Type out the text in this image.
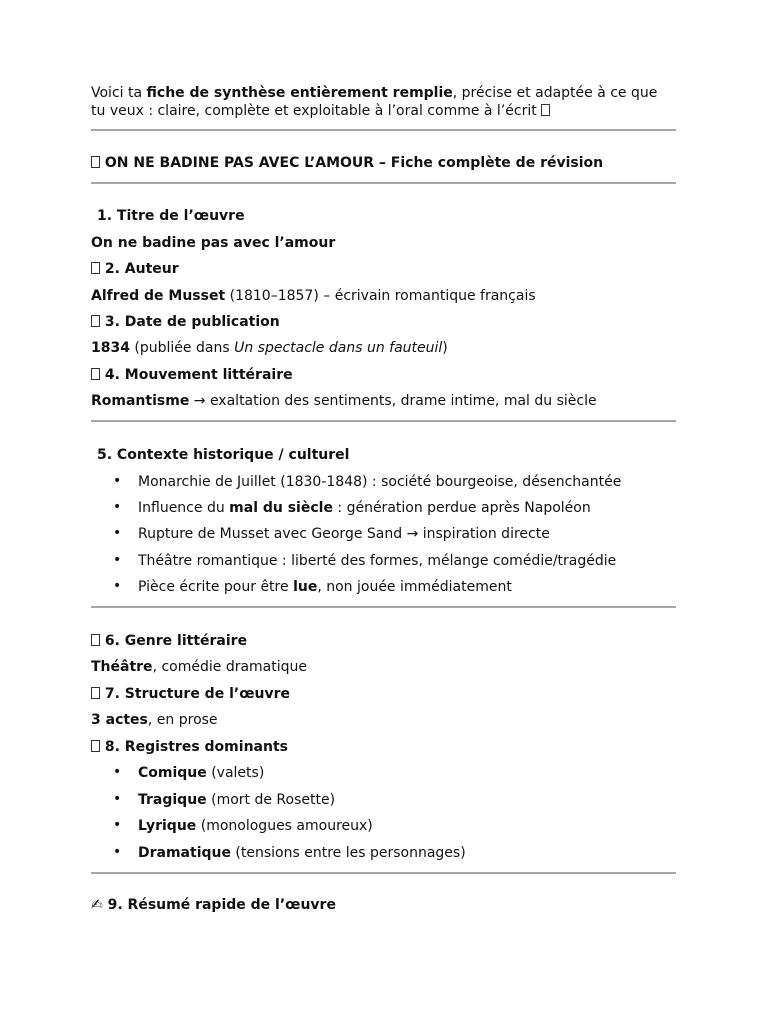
Voici ta fiche de synthèse entièrement remplie, précise et adaptée à ce que
tu veux : claire, complète et exploitable à l’oral comme à l’écrit
ON NE BADINE PAS AVEC L’AMOUR – Fiche complète de révision
1. Titre de l’œuvre
On ne badine pas avec l’amour
2. Auteur
Alfred de Musset (1810–1857) – écrivain romantique français
3. Date de publication
1834 (publiée dans Un spectacle dans un fauteuil)
4. Mouvement littéraire
Romantisme → exaltation des sentiments, drame intime, mal du siècle
5. Contexte historique / culturel
• Monarchie de Juillet (1830-1848) : société bourgeoise, désenchantée
• Influence du mal du siècle : génération perdue après Napoléon
• Rupture de Musset avec George Sand → inspiration directe
• Théâtre romantique : liberté des formes, mélange comédie/tragédie
• Pièce écrite pour être lue, non jouée immédiatement
6. Genre littéraire
Théâtre, comédie dramatique
7. Structure de l’œuvre
3 actes, en prose
8. Registres dominants
• Comique (valets)
• Tragique (mort de Rosette)
• Lyrique (monologues amoureux)
• Dramatique (tensions entre les personnages)
✍ 9. Résumé rapide de l’œuvre
